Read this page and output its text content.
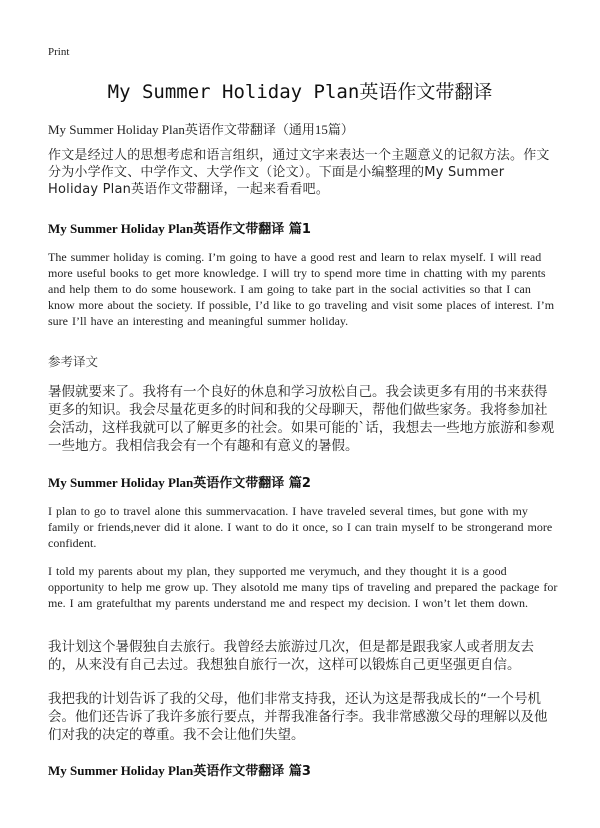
Print
My Summer Holiday Plan英语作文带翻译
My Summer Holiday Plan英语作文带翻译（通用15篇）
作文是经过人的思想考虑和语言组织，通过文字来表达一个主题意义的记叙方法。作文分为小学作文、中学作文、大学作文（论文）。下面是小编整理的My Summer Holiday Plan英语作文带翻译，一起来看看吧。
My Summer Holiday Plan英语作文带翻译 篇1
The summer holiday is coming. I’m going to have a good rest and learn to relax myself. I will read more useful books to get more knowledge. I will try to spend more time in chatting with my parents and help them to do some housework. I am going to take part in the social activities so that I can know more about the society. If possible, I’d like to go traveling and visit some places of interest. I’m sure I’ll have an interesting and meaningful summer holiday.
参考译文
暑假就要来了。我将有一个良好的休息和学习放松自己。我会读更多有用的书来获得更多的知识。我会尽量花更多的时间和我的父母聊天，帮他们做些家务。我将参加社会活动，这样我就可以了解更多的社会。如果可能的`话，我想去一些地方旅游和参观一些地方。我相信我会有一个有趣和有意义的暑假。
My Summer Holiday Plan英语作文带翻译 篇2
I plan to go to travel alone this summervacation. I have traveled several times, but gone with my family or friends,never did it alone. I want to do it once, so I can train myself to be strongerand more confident.
I told my parents about my plan, they supported me verymuch, and they thought it is a good opportunity to help me grow up. They alsotold me many tips of traveling and prepared the package for me. I am gratefulthat my parents understand me and respect my decision. I won’t let them down.
我计划这个暑假独自去旅行。我曾经去旅游过几次，但是都是跟我家人或者朋友去的，从来没有自己去过。我想独自旅行一次，这样可以锻炼自己更坚强更自信。
我把我的计划告诉了我的父母，他们非常支持我，还认为这是帮我成长的“一个号机会。他们还告诉了我许多旅行要点，并帮我准备行李。我非常感激父母的理解以及他们对我的决定的尊重。我不会让他们失望。
My Summer Holiday Plan英语作文带翻译 篇3
